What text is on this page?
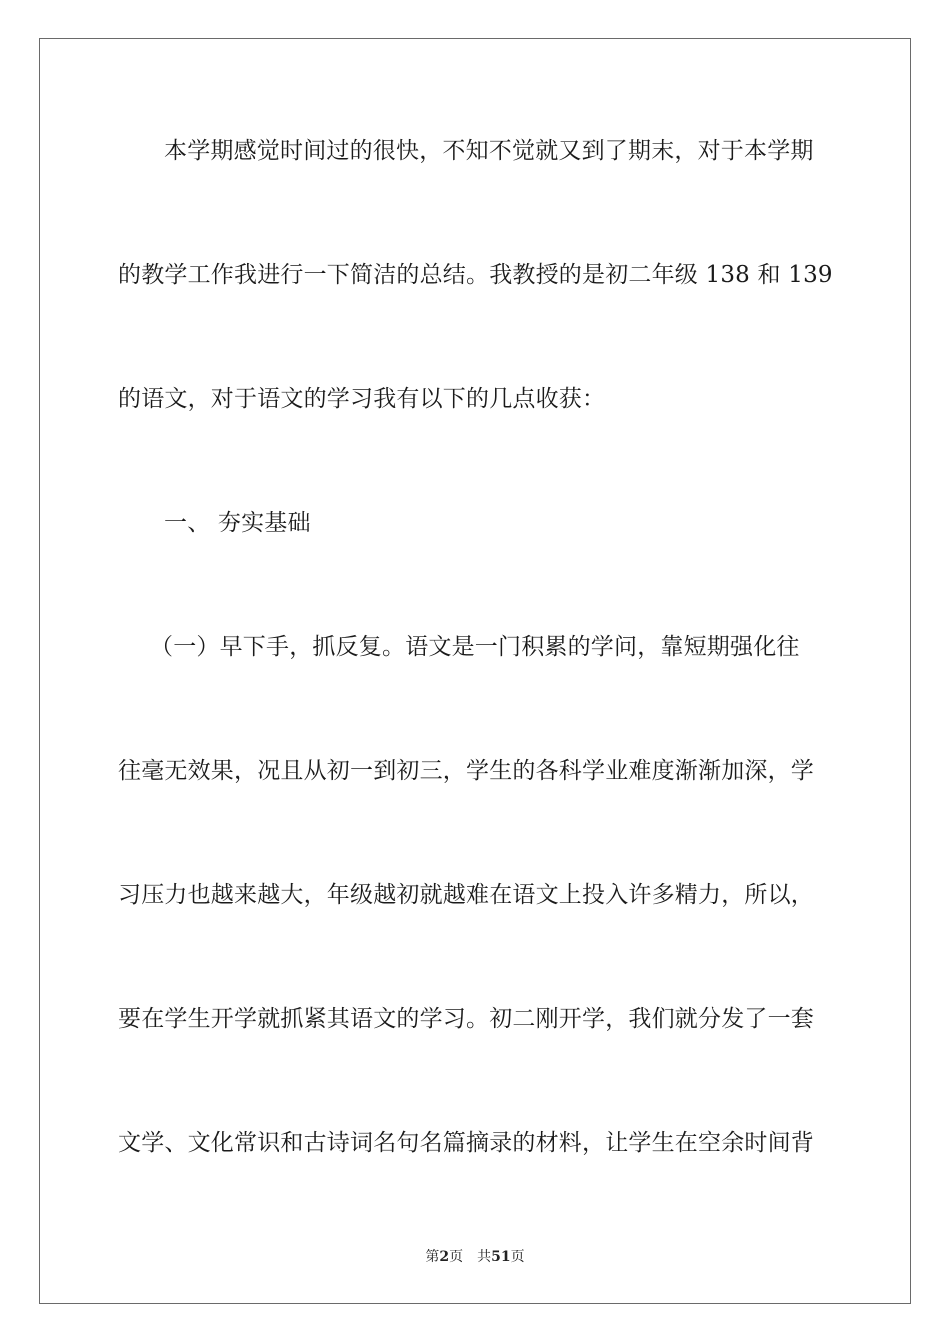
本学期感觉时间过的很快，不知不觉就又到了期末，对于本学期
的教学工作我进行一下简洁的总结。我教授的是初二年级 138 和 139
的语文，对于语文的学习我有以下的几点收获：
一、 夯实基础
（一）早下手，抓反复。语文是一门积累的学问，靠短期强化往
往毫无效果，况且从初一到初三，学生的各科学业难度渐渐加深，学
习压力也越来越大，年级越初就越难在语文上投入许多精力，所以，
要在学生开学就抓紧其语文的学习。初二刚开学，我们就分发了一套
文学、文化常识和古诗词名句名篇摘录的材料，让学生在空余时间背
第2页 共51页
